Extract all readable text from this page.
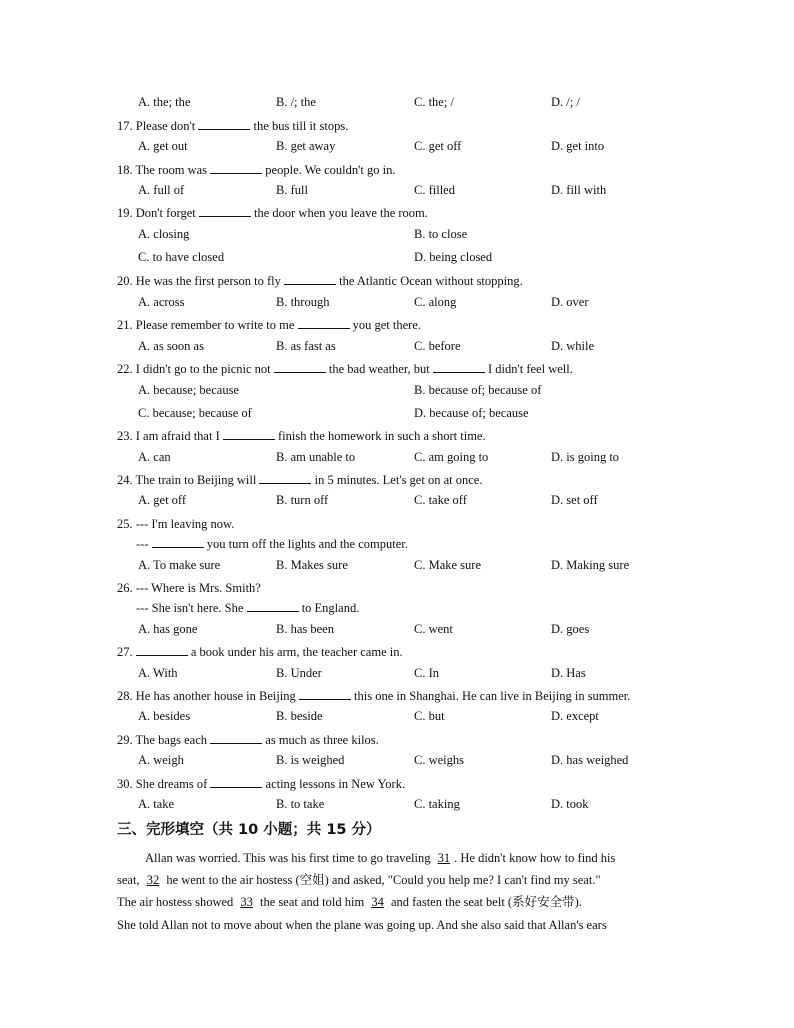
A. the; the	B. /; the	C. the; /	D. /; /
17. Please don't	the bus till it stops.
A. get out	B. get away	C. get off	D. get into
18. The room was	people. We couldn't go in.
A. full of	B. full	C. filled	D. fill with
19. Don't forget	the door when you leave the room.
A. closing	B. to close
C. to have closed	D. being closed
20. He was the first person to fly	the Atlantic Ocean without stopping.
A. across	B. through	C. along	D. over
21. Please remember to write to me	you get there.
A. as soon as	B. as fast as	C. before	D. while
22. I didn't go to the picnic not	the bad weather, but	I didn't feel well.
A. because; because	B. because of; because of
C. because; because of	D. because of; because
23. I am afraid that I	finish the homework in such a short time.
A. can	B. am unable to	C. am going to	D. is going to
24. The train to Beijing will	in 5 minutes. Let's get on at once.
A. get off	B. turn off	C. take off	D. set off
25. --- I'm leaving now.
---	you turn off the lights and the computer.
A. To make sure	B. Makes sure	C. Make sure	D. Making sure
26. --- Where is Mrs. Smith?
--- She isn't here. She	to England.
A. has gone	B. has been	C. went	D. goes
27.	a book under his arm, the teacher came in.
A. With	B. Under	C. In	D. Has
28. He has another house in Beijing	this one in Shanghai. He can live in Beijing in summer.
A. besides	B. beside	C. but	D. except
29. The bags each	as much as three kilos.
A. weigh	B. is weighed	C. weighs	D. has weighed
30. She dreams of	acting lessons in New York.
A. take	B. to take	C. taking	D. took
三、完形填空（共 10 小题；共 15 分）
Allan was worried. This was his first time to go traveling 31 . He didn't know how to find his
seat, 32 he went to the air hostess (空姐) and asked, "Could you help me? I can't find my seat."
The air hostess showed 33 the seat and told him 34 and fasten the seat belt (系好安全带).
She told Allan not to move about when the plane was going up. And she also said that Allan's ears
